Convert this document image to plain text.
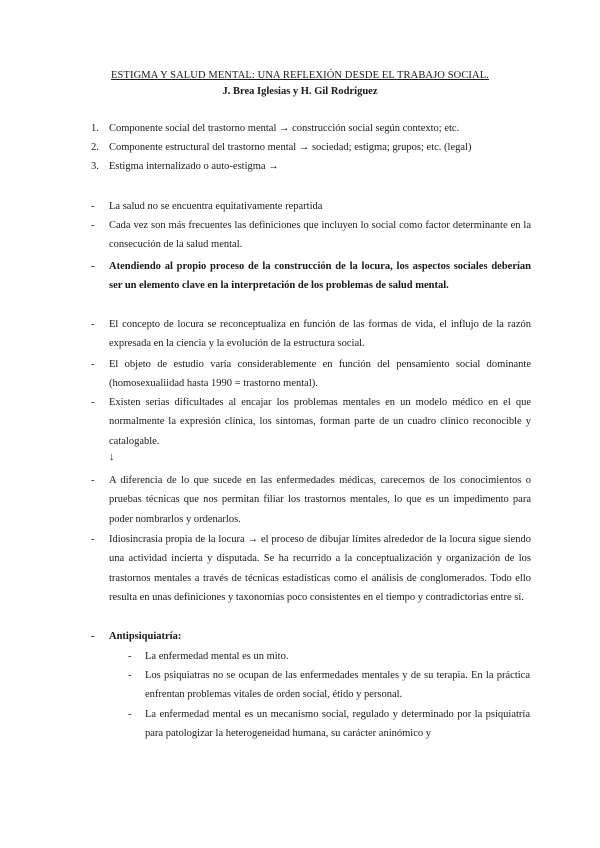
ESTIGMA Y SALUD MENTAL: UNA REFLEXIÓN DESDE EL TRABAJO SOCIAL.
J. Brea Iglesias y H. Gil Rodríguez
1. Componente social del trastorno mental → construcción social según contexto; etc.
2. Componente estructural del trastorno mental → sociedad; estigma; grupos; etc. (legal)
3. Estigma internalizado o auto-estigma →
- La salud no se encuentra equitativamente repartida
- Cada vez son más frecuentes las definiciones que incluyen lo social como factor determinante en la consecución de la salud mental.
- Atendiendo al propio proceso de la construcción de la locura, los aspectos sociales deberían ser un elemento clave en la interpretación de los problemas de salud mental.
- El concepto de locura se reconceptualiza en función de las formas de vida, el influjo de la razón expresada en la ciencia y la evolución de la estructura social.
- El objeto de estudio varía considerablemente en función del pensamiento social dominante (homosexualiidad hasta 1990 = trastorno mental).
- Existen serias dificultades al encajar los problemas mentales en un modelo médico en el que normalmente la expresión clínica, los síntomas, forman parte de un cuadro clínico reconocible y catalogable.
↓
- A diferencia de lo que sucede en las enfermedades médicas, carecemos de los conocimientos o pruebas técnicas que nos permitan filiar los trastornos mentales, lo que es un impedimento para poder nombrarlos y ordenarlos.
- Idiosincrasia propia de la locura → el proceso de dibujar límites alrededor de la locura sigue siendo una actividad incierta y disputada. Se ha recurrido a la conceptualización y organización de los trastornos mentales a través de técnicas estadísticas como el análisis de conglomerados. Todo ello resulta en unas definiciones y taxonomías poco consistentes en el tiempo y contradictorias entre sí.
- Antipsiquiatría:
- La enfermedad mental es un mito.
- Los psiquiatras no se ocupan de las enfermedades mentales y de su terapia. En la práctica enfrentan problemas vitales de orden social, étido y personal.
- La enfermedad mental es un mecanismo social, regulado y determinado por la psiquiatría para patologizar la heterogeneidad humana, su carácter aninómico y
